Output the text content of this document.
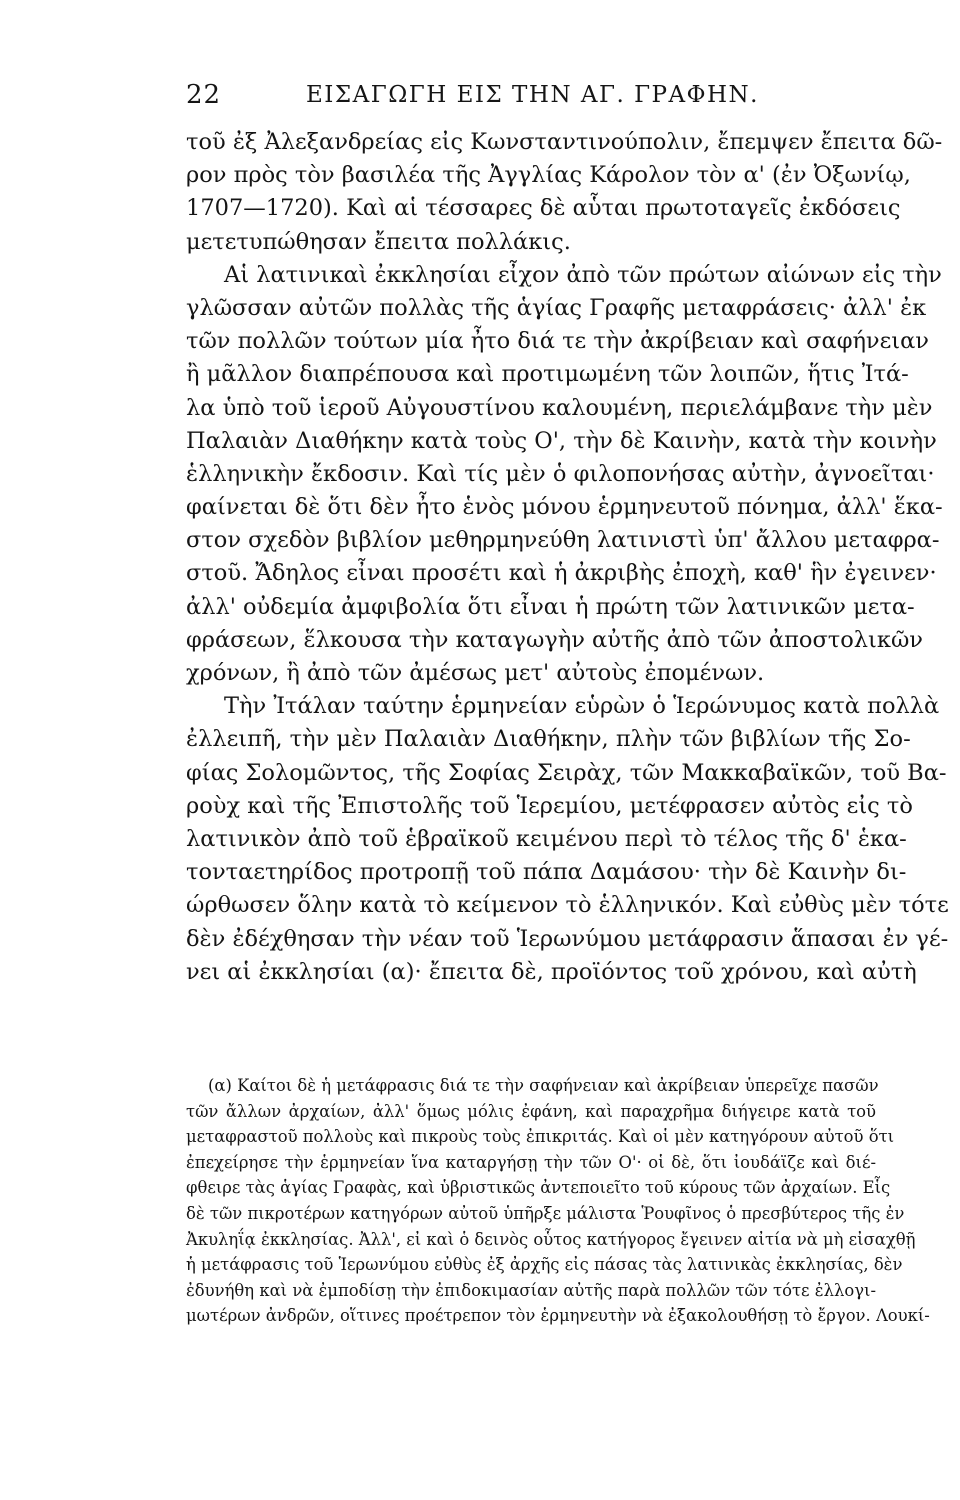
22	ΕΙΣΑΓΩΓΗ ΕΙΣ ΤΗΝ ΑΓ. ΓΡΑΦΗΝ.
τοῦ ἐξ Ἀλεξανδρείας εἰς Κωνσταντινούπολιν, ἔπεμψεν ἔπειτα δῶ-
ρον πρὸς τὸν βασιλέα τῆς Ἀγγλίας Κάρολον τὸν α' (ἐν Ὀξωνίῳ,
1707—1720). Καὶ αἱ τέσσαρες δὲ αὗται πρωτοταγεῖς ἐκδόσεις
μετετυπώθησαν ἔπειτα πολλάκις.
Αἱ λατινικαὶ ἐκκλησίαι εἶχον ἀπὸ τῶν πρώτων αἰώνων εἰς τὴν
γλῶσσαν αὐτῶν πολλὰς τῆς ἁγίας Γραφῆς μεταφράσεις· ἀλλ' ἐκ
τῶν πολλῶν τούτων μία ἦτο διά τε τὴν ἀκρίβειαν καὶ σαφήνειαν
ἢ μᾶλλον διαπρέπουσα καὶ προτιμωμένη τῶν λοιπῶν, ἥτις Ἰτά-
λα ὑπὸ τοῦ ἱεροῦ Αὐγουστίνου καλουμένη, περιελάμβανε τὴν μὲν
Παλαιὰν Διαθήκην κατὰ τοὺς Ο', τὴν δὲ Καινὴν, κατὰ τὴν κοινὴν
ἑλληνικὴν ἔκδοσιν. Καὶ τίς μὲν ὁ φιλοπονήσας αὐτὴν, ἀγνοεῖται·
φαίνεται δὲ ὅτι δὲν ἦτο ἑνὸς μόνου ἑρμηνευτοῦ πόνημα, ἀλλ' ἕκα-
στον σχεδὸν βιβλίον μεθηρμηνεύθη λατινιστὶ ὑπ' ἄλλου μεταφρα-
στοῦ. Ἄδηλος εἶναι προσέτι καὶ ἡ ἀκριβὴς ἐποχὴ, καθ' ἣν ἐγεινεν·
ἀλλ' οὐδεμία ἀμφιβολία ὅτι εἶναι ἡ πρώτη τῶν λατινικῶν μετα-
φράσεων, ἕλκουσα τὴν καταγωγὴν αὐτῆς ἀπὸ τῶν ἀποστολικῶν
χρόνων, ἢ ἀπὸ τῶν ἀμέσως μετ' αὐτοὺς ἐπομένων.
Τὴν Ἰτάλαν ταύτην ἑρμηνείαν εὑρὼν ὁ Ἱερώνυμος κατὰ πολλὰ
ἐλλειπῆ, τὴν μὲν Παλαιὰν Διαθήκην, πλὴν τῶν βιβλίων τῆς Σο-
φίας Σολομῶντος, τῆς Σοφίας Σειρὰχ, τῶν Μακκαβαϊκῶν, τοῦ Βα-
ροὺχ καὶ τῆς Ἐπιστολῆς τοῦ Ἱερεμίου, μετέφρασεν αὐτὸς εἰς τὸ
λατινικὸν ἀπὸ τοῦ ἑβραϊκοῦ κειμένου περὶ τὸ τέλος τῆς δ' ἑκα-
τονταετηρίδος προτροπῇ τοῦ πάπα Δαμάσου· τὴν δὲ Καινὴν δι-
ώρθωσεν ὅλην κατὰ τὸ κείμενον τὸ ἑλληνικόν. Καὶ εὐθὺς μὲν τότε
δὲν ἐδέχθησαν τὴν νέαν τοῦ Ἱερωνύμου μετάφρασιν ἅπασαι ἐν γέ-
νει αἱ ἐκκλησίαι (α)· ἔπειτα δὲ, προϊόντος τοῦ χρόνου, καὶ αὐτὴ
(α) Καίτοι δὲ ἡ μετάφρασις διά τε τὴν σαφήνειαν καὶ ἀκρίβειαν ὑπερεῖχε πασῶν
τῶν ἄλλων ἀρχαίων, ἀλλ' ὅμως μόλις ἐφάνη, καὶ παραχρῆμα διήγειρε κατὰ τοῦ
μεταφραστοῦ πολλοὺς καὶ πικροὺς τοὺς ἐπικριτάς. Καὶ οἱ μὲν κατηγόρουν αὐτοῦ ὅτι
ἐπεχείρησε τὴν ἑρμηνείαν ἵνα καταργήσῃ τὴν τῶν Ο'· οἱ δὲ, ὅτι ἰουδάϊζε καὶ διέ-
φθειρε τὰς ἁγίας Γραφὰς, καὶ ὑβριστικῶς ἀντεποιεῖτο τοῦ κύρους τῶν ἀρχαίων. Εἷς
δὲ τῶν πικροτέρων κατηγόρων αὐτοῦ ὑπῆρξε μάλιστα Ῥουφῖνος ὁ πρεσβύτερος τῆς ἐν
Ἀκυληΐᾳ ἐκκλησίας. Ἀλλ', εἰ καὶ ὁ δεινὸς οὗτος κατήγορος ἔγεινεν αἰτία νὰ μὴ εἰσαχθῇ
ἡ μετάφρασις τοῦ Ἱερωνύμου εὐθὺς ἐξ ἀρχῆς εἰς πάσας τὰς λατινικὰς ἐκκλησίας, δὲν
ἐδυνήθη καὶ νὰ ἐμποδίσῃ τὴν ἐπιδοκιμασίαν αὐτῆς παρὰ πολλῶν τῶν τότε ἐλλογι-
μωτέρων ἀνδρῶν, οἵτινες προέτρεπον τὸν ἑρμηνευτὴν νὰ ἐξακολουθήσῃ τὸ ἔργον. Λουκί-
